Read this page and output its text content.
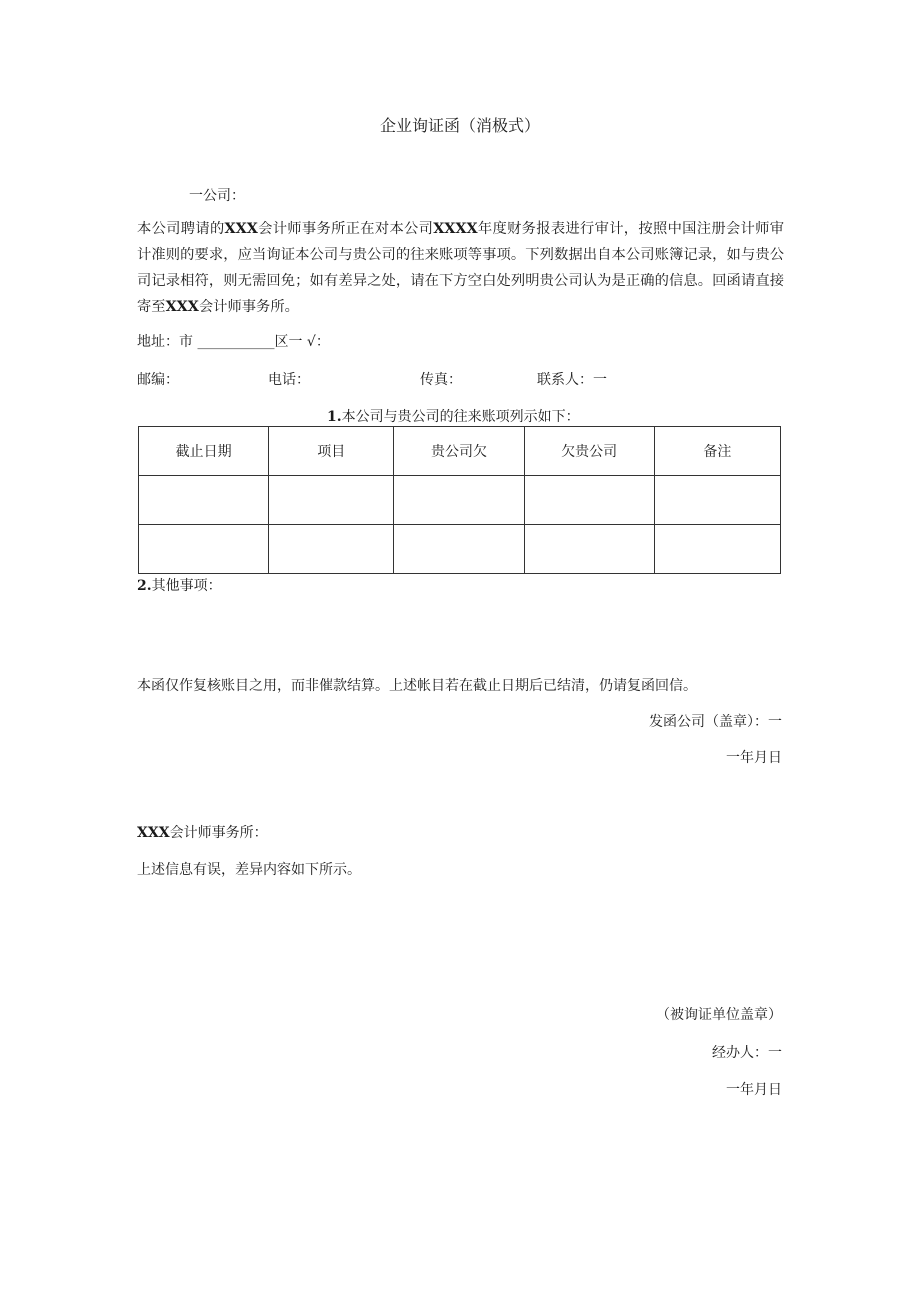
企业询证函（消极式）
一公司：
本公司聘请的XXX会计师事务所正在对本公司XXXX年度财务报表进行审计，按照中国注册会计师审计准则的要求，应当询证本公司与贵公司的往来账项等事项。下列数据出自本公司账簿记录，如与贵公司记录相符，则无需回免；如有差异之处，请在下方空白处列明贵公司认为是正确的信息。回函请直接寄至XXX会计师事务所。
地址：市 ___________区一 √：
邮编：	电话：	传真：	联系人：一
1.本公司与贵公司的往来账项列示如下：
截止日期	项目	贵公司欠	欠贵公司	备注

2.其他事项：
本函仅作复核账目之用，而非催款结算。上述帐目若在截止日期后已结清，仍请复函回信。
发函公司（盖章）：一
一年月日
XXX会计师事务所：
上述信息有误，差异内容如下所示。
（被询证单位盖章）
经办人：一
一年月日
